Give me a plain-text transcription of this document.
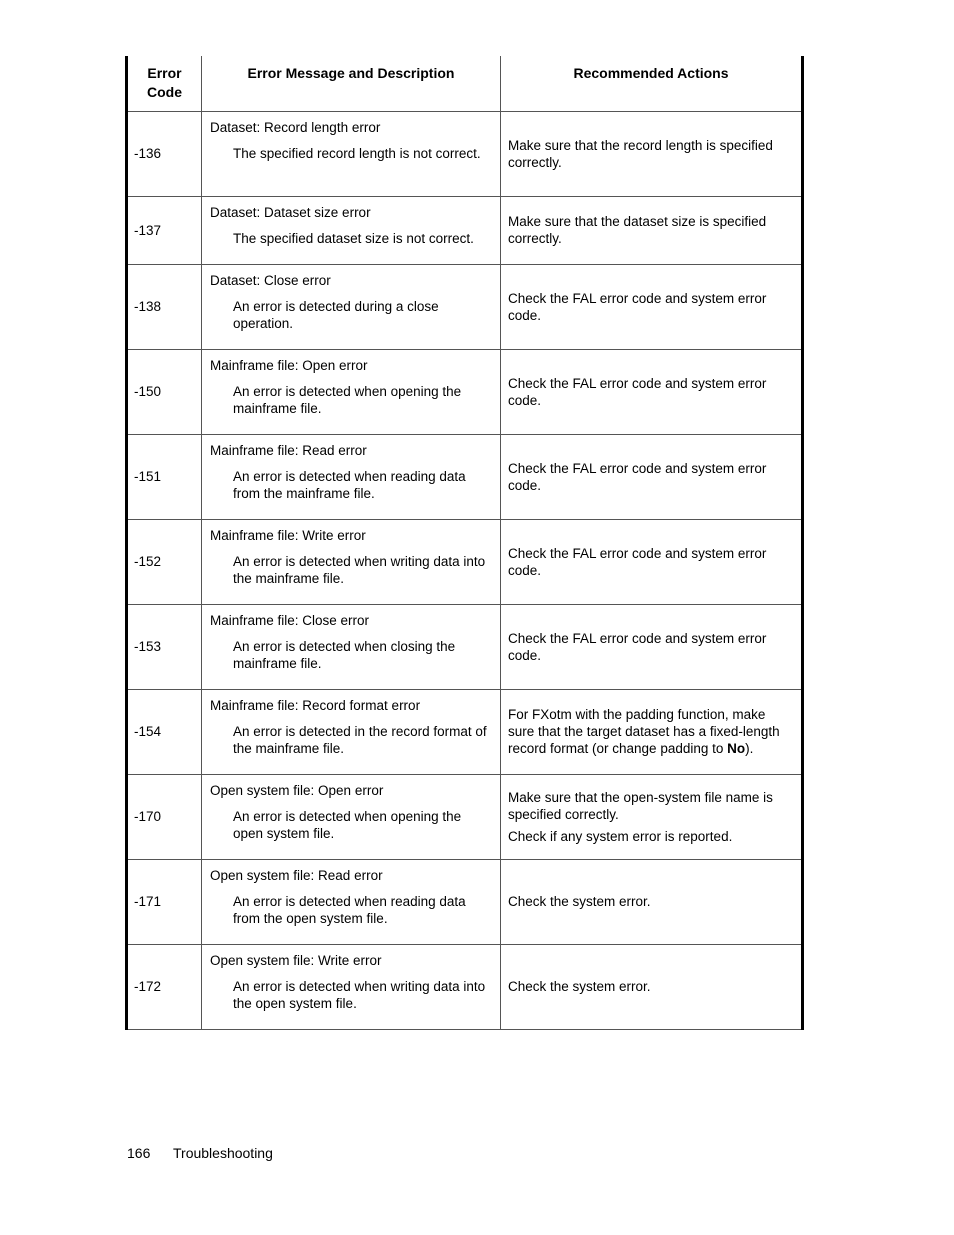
Error Code	Error Message and Description	Recommended Actions
-136	Dataset: Record length error
The specified record length is not correct.	Make sure that the record length is specified correctly.

-137	Dataset: Dataset size error
The specified dataset size is not correct.	Make sure that the dataset size is specified correctly.

-138	Dataset: Close error
An error is detected during a close operation.	Check the FAL error code and system error code.

-150	Mainframe file: Open error
An error is detected when opening the mainframe file.	Check the FAL error code and system error code.

-151	Mainframe file: Read error
An error is detected when reading data from the mainframe file.	Check the FAL error code and system error code.

-152	Mainframe file: Write error
An error is detected when writing data into the mainframe file.	Check the FAL error code and system error code.

-153	Mainframe file: Close error
An error is detected when closing the mainframe file.	Check the FAL error code and system error code.

-154	Mainframe file: Record format error
An error is detected in the record format of the mainframe file.	For FXotm with the padding function, make sure that the target dataset has a fixed-length record format (or change padding to No).

-170	Open system file: Open error
An error is detected when opening the open system file.	Make sure that the open-system file name is specified correctly.
Check if any system error is reported.

-171	Open system file: Read error
An error is detected when reading data from the open system file.	Check the system error.

-172	Open system file: Write error
An error is detected when writing data into the open system file.	Check the system error.
166 Troubleshooting
